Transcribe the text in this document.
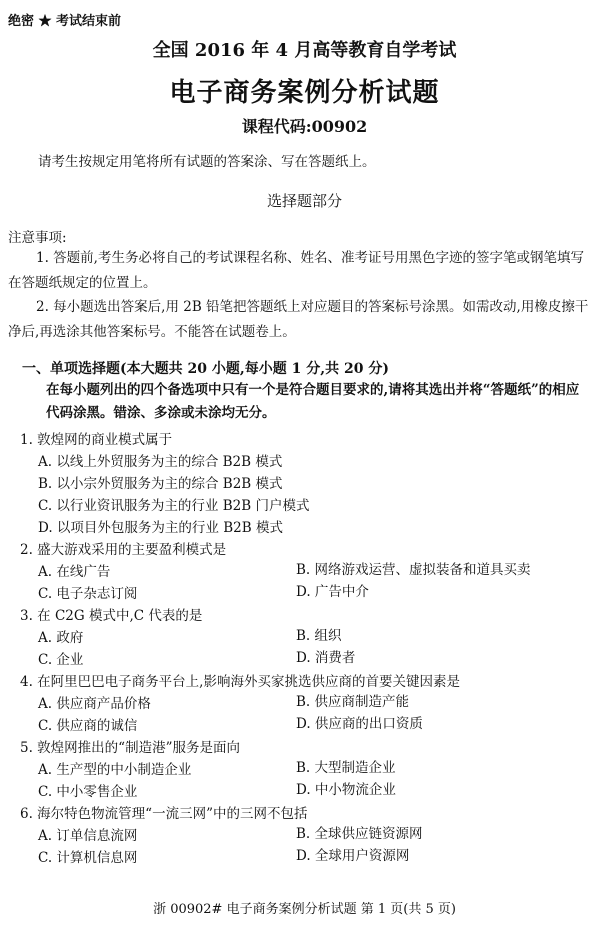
绝密 ★ 考试结束前
全国 2016 年 4 月高等教育自学考试
电子商务案例分析试题
课程代码:00902
请考生按规定用笔将所有试题的答案涂、写在答题纸上。
选择题部分
注意事项:
1. 答题前,考生务必将自己的考试课程名称、姓名、准考证号用黑色字迹的签字笔或钢笔填写在答题纸规定的位置上。
2. 每小题选出答案后,用 2B 铅笔把答题纸上对应题目的答案标号涂黑。如需改动,用橡皮擦干净后,再选涂其他答案标号。不能答在试题卷上。
一、单项选择题(本大题共 20 小题,每小题 1 分,共 20 分)
在每小题列出的四个备选项中只有一个是符合题目要求的,请将其选出并将“答题纸”的相应代码涂黑。错涂、多涂或未涂均无分。
1. 敦煌网的商业模式属于
A. 以线上外贸服务为主的综合 B2B 模式
B. 以小宗外贸服务为主的综合 B2B 模式
C. 以行业资讯服务为主的行业 B2B 门户模式
D. 以项目外包服务为主的行业 B2B 模式
2. 盛大游戏采用的主要盈利模式是
A. 在线广告	B. 网络游戏运营、虚拟装备和道具买卖
C. 电子杂志订阅	D. 广告中介
3. 在 C2G 模式中,C 代表的是
A. 政府	B. 组织
C. 企业	D. 消费者
4. 在阿里巴巴电子商务平台上,影响海外买家挑选供应商的首要关键因素是
A. 供应商产品价格	B. 供应商制造产能
C. 供应商的诚信	D. 供应商的出口资质
5. 敦煌网推出的“制造港”服务是面向
A. 生产型的中小制造企业	B. 大型制造企业
C. 中小零售企业	D. 中小物流企业
6. 海尔特色物流管理“一流三网”中的三网不包括
A. 订单信息流网	B. 全球供应链资源网
C. 计算机信息网	D. 全球用户资源网
浙 00902# 电子商务案例分析试题 第 1 页(共 5 页)
